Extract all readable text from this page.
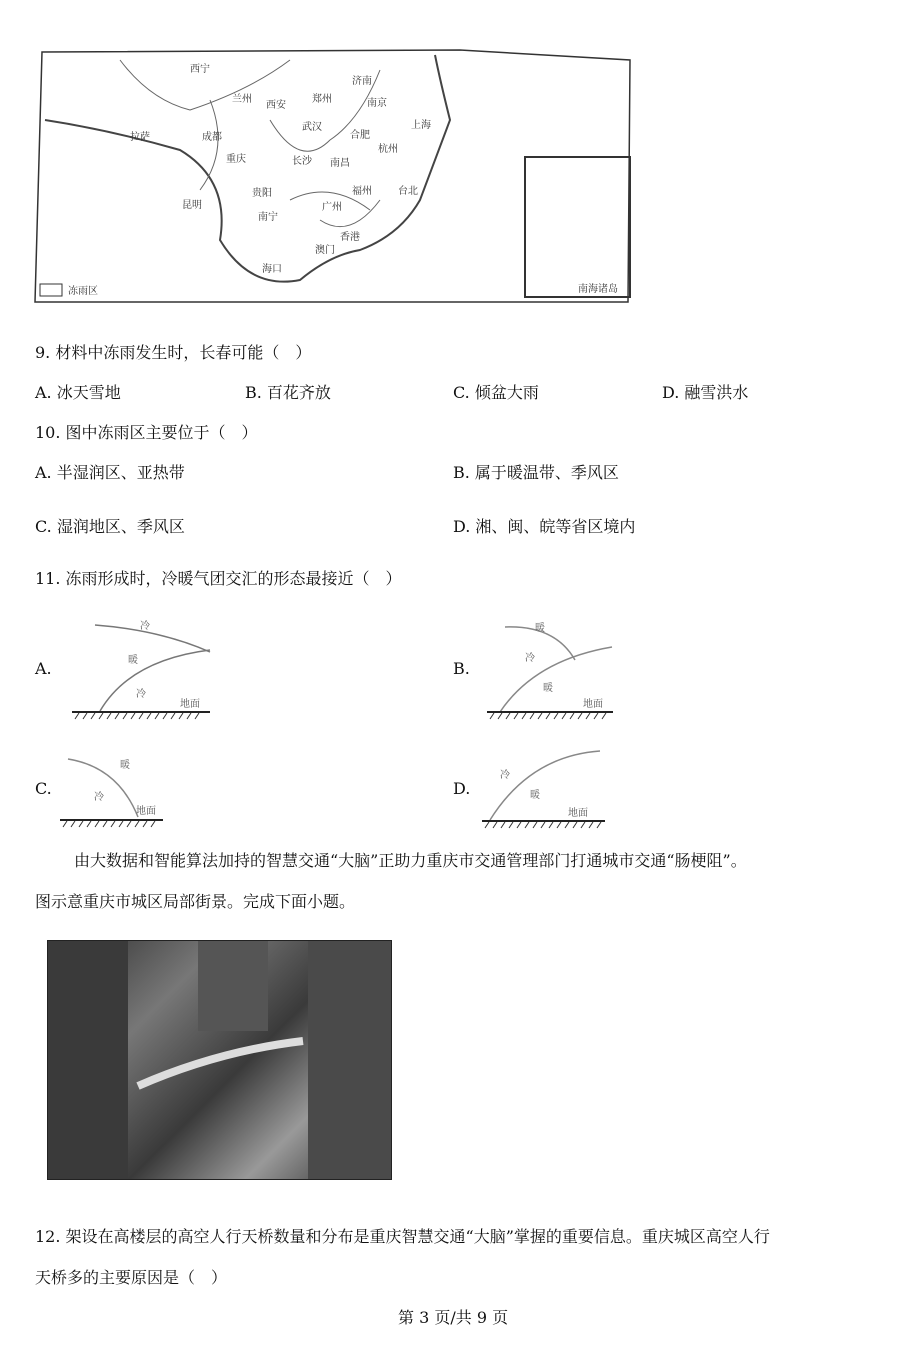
西宁
兰州
西安
郑州
济南
南京
上海
武汉
合肥
杭州
拉萨	成都
重庆	长沙 南昌
贵阳	福州	台北
昆明	广州
南宁
香港
澳门
海口
冻雨区	南海诸岛
9. 材料中冻雨发生时，长春可能（　）
A. 冰天雪地	B. 百花齐放	C. 倾盆大雨	D. 融雪洪水
10. 图中冻雨区主要位于（　）
A. 半湿润区、亚热带	B. 属于暖温带、季风区
C. 湿润地区、季风区	D. 湘、闽、皖等省区境内
11. 冻雨形成时，冷暖气团交汇的形态最接近（　）
A.
冷
暖
冷
地面
B.
暖
冷
暖
地面
C.
暖
冷
地面
D.
冷
暖
地面
由大数据和智能算法加持的智慧交通“大脑”正助力重庆市交通管理部门打通城市交通“肠梗阻”。
图示意重庆市城区局部街景。完成下面小题。
12. 架设在高楼层的高空人行天桥数量和分布是重庆智慧交通“大脑”掌握的重要信息。重庆城区高空人行
天桥多的主要原因是（　）
第 3 页/共 9 页
